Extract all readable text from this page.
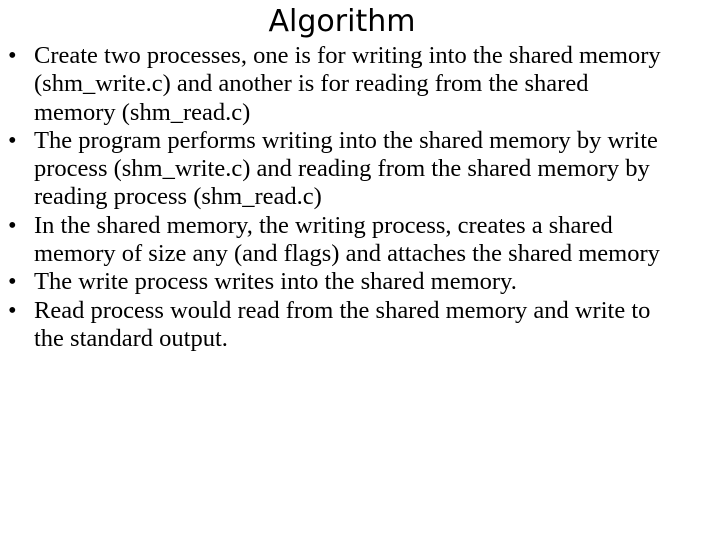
Algorithm
• Create two processes, one is for writing into the shared memory (shm_write.c) and another is for reading from the shared memory (shm_read.c)
• The program performs writing into the shared memory by write process (shm_write.c) and reading from the shared memory by reading process (shm_read.c)
• In the shared memory, the writing process, creates a shared memory of size any (and flags) and attaches the shared memory
• The write process writes into the shared memory.
• Read process would read from the shared memory and write to the standard output.
